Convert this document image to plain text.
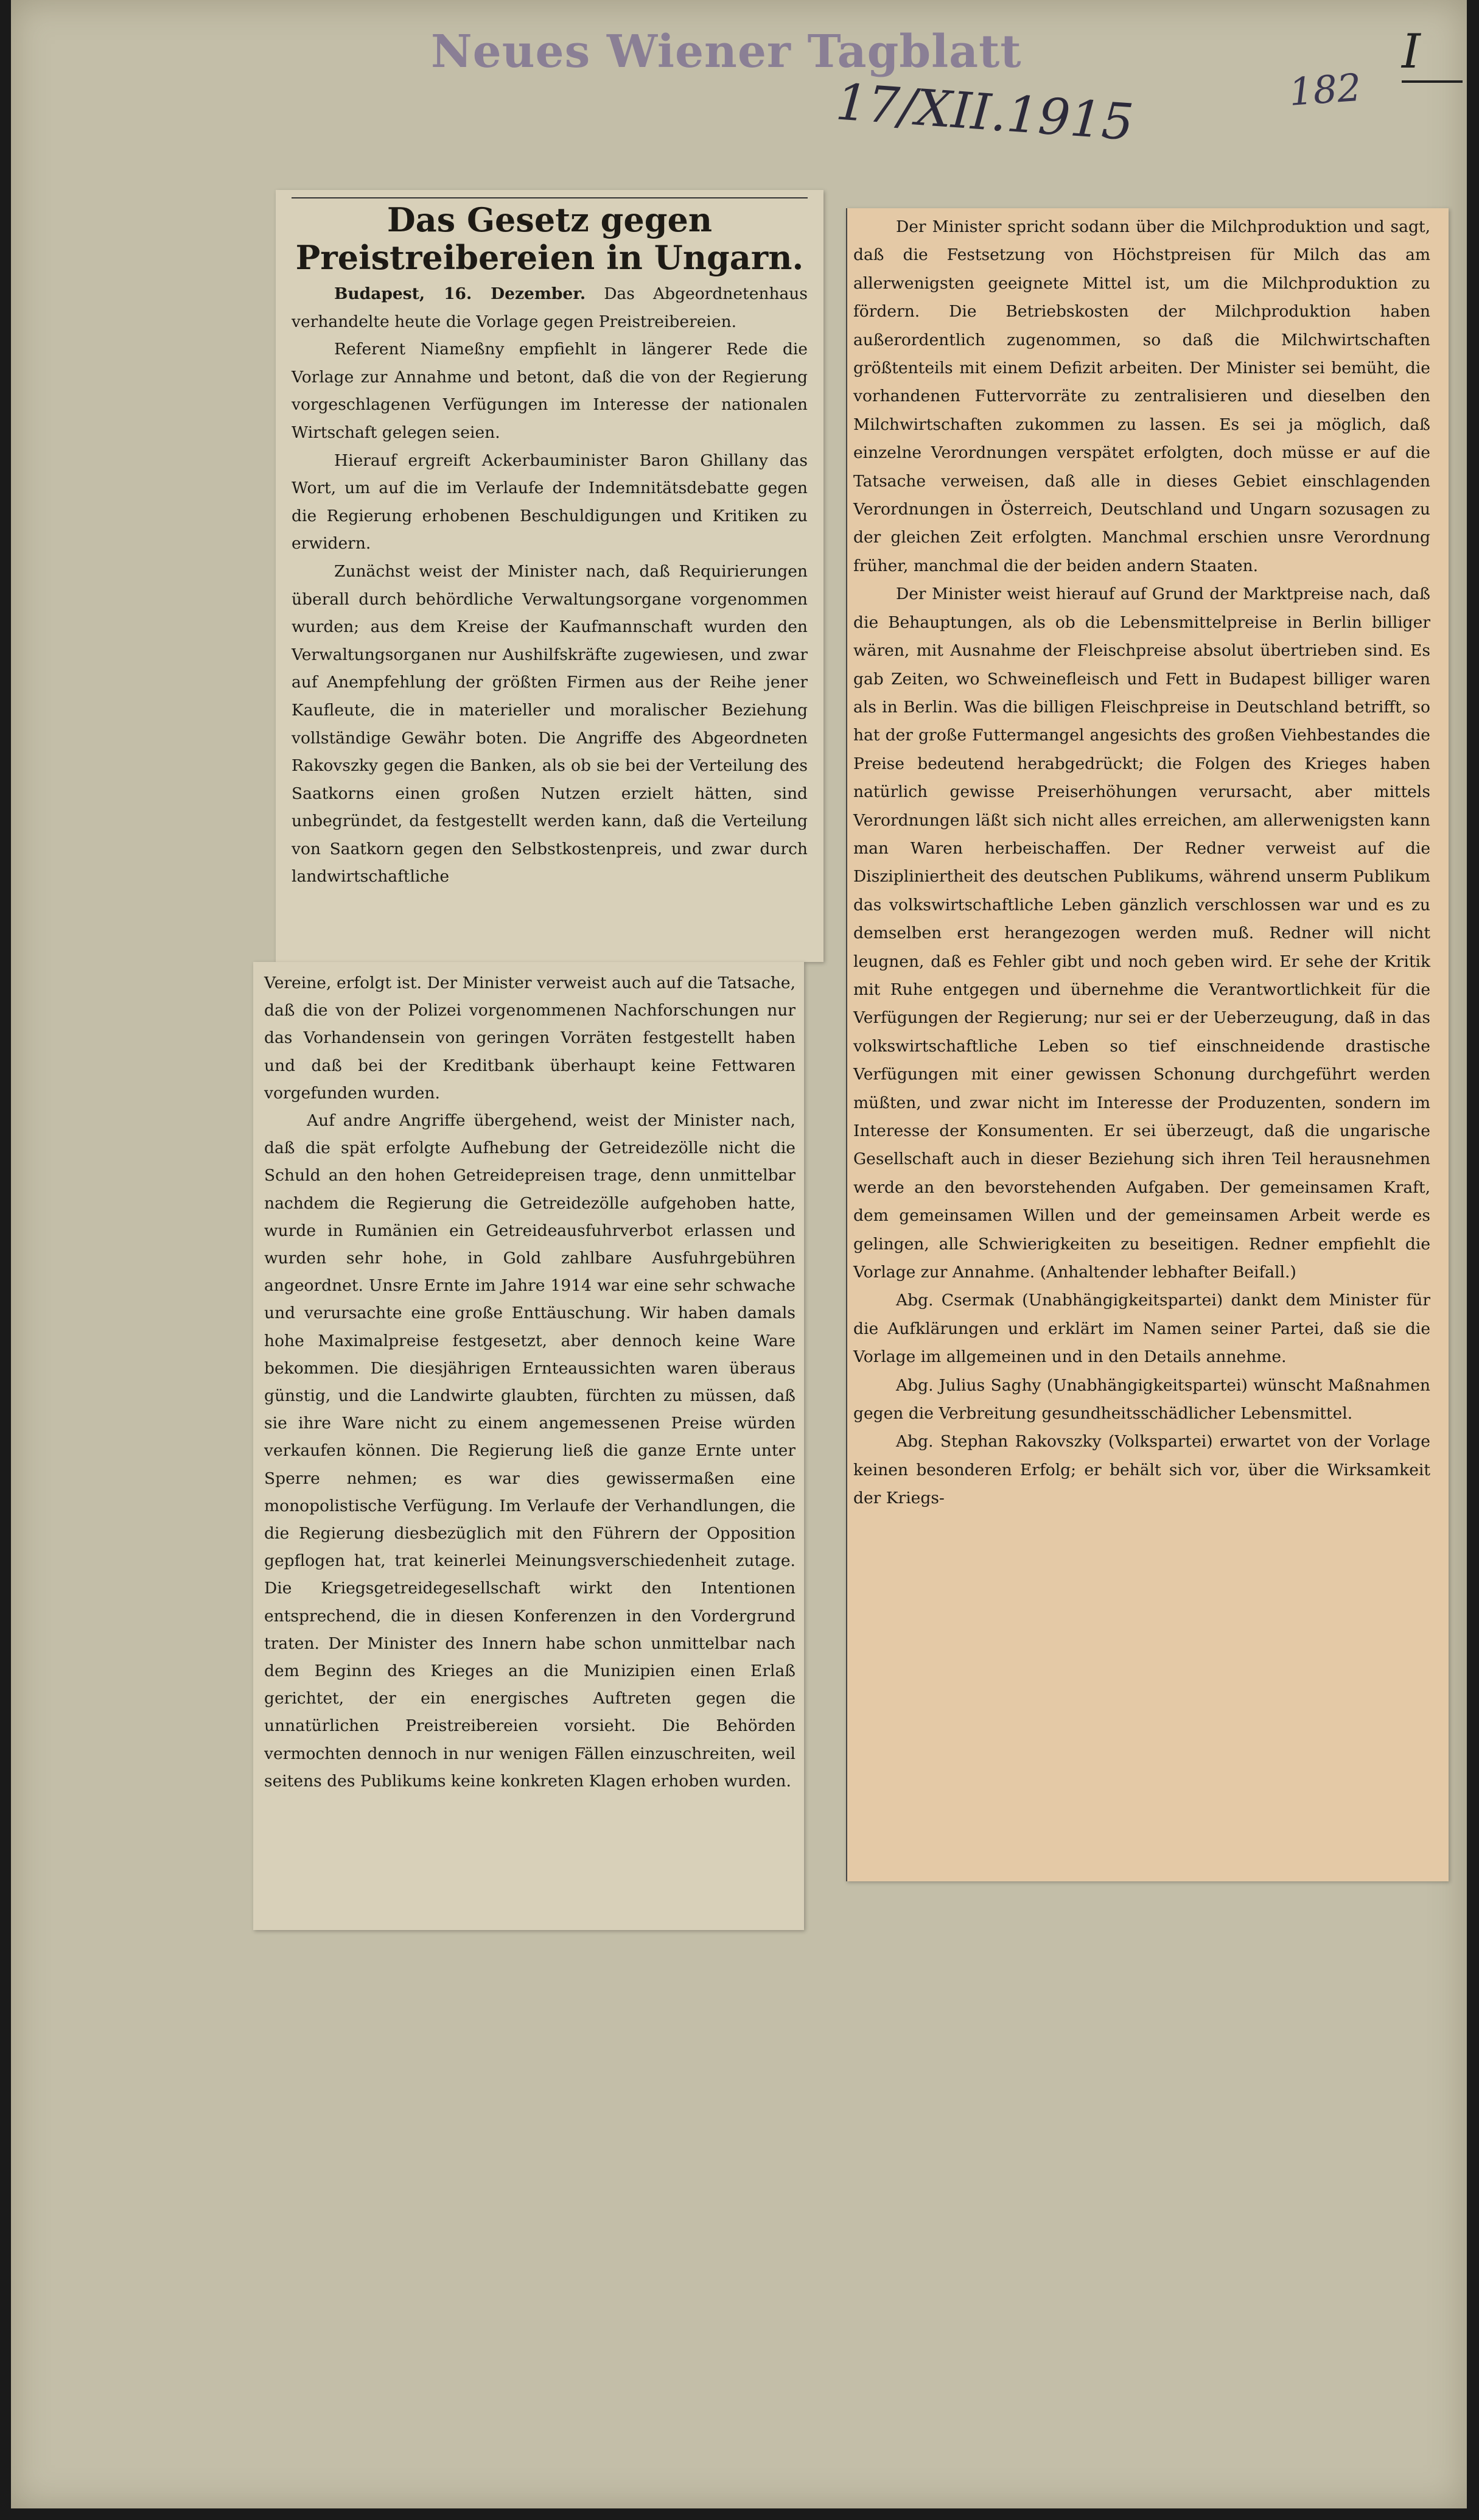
Neues Wiener Tagblatt
17/XII.1915	182
I
Das Gesetz gegen Preistreibereien in Ungarn.

Budapest, 16. Dezember. Das Abgeordnetenhaus verhandelte heute die Vorlage gegen Preistreibereien.

Referent Niameßny empfiehlt in längerer Rede die Vorlage zur Annahme und betont, daß die von der Regierung vorgeschlagenen Verfügungen im Interesse der nationalen Wirtschaft gelegen seien.

Hierauf ergreift Ackerbauminister Baron Ghillany das Wort, um auf die im Verlaufe der Indemnitätsdebatte gegen die Regierung erhobenen Beschuldigungen und Kritiken zu erwidern.

Zunächst weist der Minister nach, daß Requirierungen überall durch behördliche Verwaltungsorgane vorgenommen wurden; aus dem Kreise der Kaufmannschaft wurden den Verwaltungsorganen nur Aushilfskräfte zugewiesen, und zwar auf Anempfehlung der größten Firmen aus der Reihe jener Kaufleute, die in materieller und moralischer Beziehung vollständige Gewähr boten. Die Angriffe des Abgeordneten Rakovszky gegen die Banken, als ob sie bei der Verteilung des Saatkorns einen großen Nutzen erzielt hätten, sind unbegründet, da festgestellt werden kann, daß die Verteilung von Saatkorn gegen den Selbstkostenpreis, und zwar durch landwirtschaftliche

Vereine, erfolgt ist. Der Minister verweist auch auf die Tatsache, daß die von der Polizei vorgenommenen Nachforschungen nur das Vorhandensein von geringen Vorräten festgestellt haben und daß bei der Kreditbank überhaupt keine Fettwaren vorgefunden wurden.

Auf andre Angriffe übergehend, weist der Minister nach, daß die spät erfolgte Aufhebung der Getreidezölle nicht die Schuld an den hohen Getreidepreisen trage, denn unmittelbar nachdem die Regierung die Getreidezölle aufgehoben hatte, wurde in Rumänien ein Getreideausfuhrverbot erlassen und wurden sehr hohe, in Gold zahlbare Ausfuhrgebühren angeordnet. Unsre Ernte im Jahre 1914 war eine sehr schwache und verursachte eine große Enttäuschung. Wir haben damals hohe Maximalpreise festgesetzt, aber dennoch keine Ware bekommen. Die diesjährigen Ernteaussichten waren überaus günstig, und die Landwirte glaubten, fürchten zu müssen, daß sie ihre Ware nicht zu einem angemessenen Preise würden verkaufen können. Die Regierung ließ die ganze Ernte unter Sperre nehmen; es war dies gewissermaßen eine monopolistische Verfügung. Im Verlaufe der Verhandlungen, die die Regierung diesbezüglich mit den Führern der Opposition gepflogen hat, trat keinerlei Meinungsverschiedenheit zutage. Die Kriegsgetreidegesellschaft wirkt den Intentionen entsprechend, die in diesen Konferenzen in den Vordergrund traten. Der Minister des Innern habe schon unmittelbar nach dem Beginn des Krieges an die Munizipien einen Erlaß gerichtet, der ein energisches Auftreten gegen die unnatürlichen Preistreibereien vorsieht. Die Behörden vermochten dennoch in nur wenigen Fällen einzuschreiten, weil seitens des Publikums keine konkreten Klagen erhoben wurden.

Der Minister spricht sodann über die Milchproduktion und sagt, daß die Festsetzung von Höchstpreisen für Milch das am allerwenigsten geeignete Mittel ist, um die Milchproduktion zu fördern. Die Betriebskosten der Milchproduktion haben außerordentlich zugenommen, so daß die Milchwirtschaften größtenteils mit einem Defizit arbeiten. Der Minister sei bemüht, die vorhandenen Futtervorräte zu zentralisieren und dieselben den Milchwirtschaften zukommen zu lassen. Es sei ja möglich, daß einzelne Verordnungen verspätet erfolgten, doch müsse er auf die Tatsache verweisen, daß alle in dieses Gebiet einschlagenden Verordnungen in Österreich, Deutschland und Ungarn sozusagen zu der gleichen Zeit erfolgten. Manchmal erschien unsre Verordnung früher, manchmal die der beiden andern Staaten.

Der Minister weist hierauf auf Grund der Marktpreise nach, daß die Behauptungen, als ob die Lebensmittelpreise in Berlin billiger wären, mit Ausnahme der Fleischpreise absolut übertrieben sind. Es gab Zeiten, wo Schweinefleisch und Fett in Budapest billiger waren als in Berlin. Was die billigen Fleischpreise in Deutschland betrifft, so hat der große Futtermangel angesichts des großen Viehbestandes die Preise bedeutend herabgedrückt; die Folgen des Krieges haben natürlich gewisse Preiserhöhungen verursacht, aber mittels Verordnungen läßt sich nicht alles erreichen, am allerwenigsten kann man Waren herbeischaffen. Der Redner verweist auf die Diszipliniertheit des deutschen Publikums, während unserm Publikum das volkswirtschaftliche Leben gänzlich verschlossen war und es zu demselben erst herangezogen werden muß. Redner will nicht leugnen, daß es Fehler gibt und noch geben wird. Er sehe der Kritik mit Ruhe entgegen und übernehme die Verantwortlichkeit für die Verfügungen der Regierung; nur sei er der Ueberzeugung, daß in das volkswirtschaftliche Leben so tief einschneidende drastische Verfügungen mit einer gewissen Schonung durchgeführt werden müßten, und zwar nicht im Interesse der Produzenten, sondern im Interesse der Konsumenten. Er sei überzeugt, daß die ungarische Gesellschaft auch in dieser Beziehung sich ihren Teil herausnehmen werde an den bevorstehenden Aufgaben. Der gemeinsamen Kraft, dem gemeinsamen Willen und der gemeinsamen Arbeit werde es gelingen, alle Schwierigkeiten zu beseitigen. Redner empfiehlt die Vorlage zur Annahme. (Anhaltender lebhafter Beifall.)

Abg. Csermak (Unabhängigkeitspartei) dankt dem Minister für die Aufklärungen und erklärt im Namen seiner Partei, daß sie die Vorlage im allgemeinen und in den Details annehme.

Abg. Julius Saghy (Unabhängigkeitspartei) wünscht Maßnahmen gegen die Verbreitung gesundheitsschädlicher Lebensmittel.

Abg. Stephan Rakovszky (Volkspartei) erwartet von der Vorlage keinen besonderen Erfolg; er behält sich vor, über die Wirksamkeit der Kriegs-
